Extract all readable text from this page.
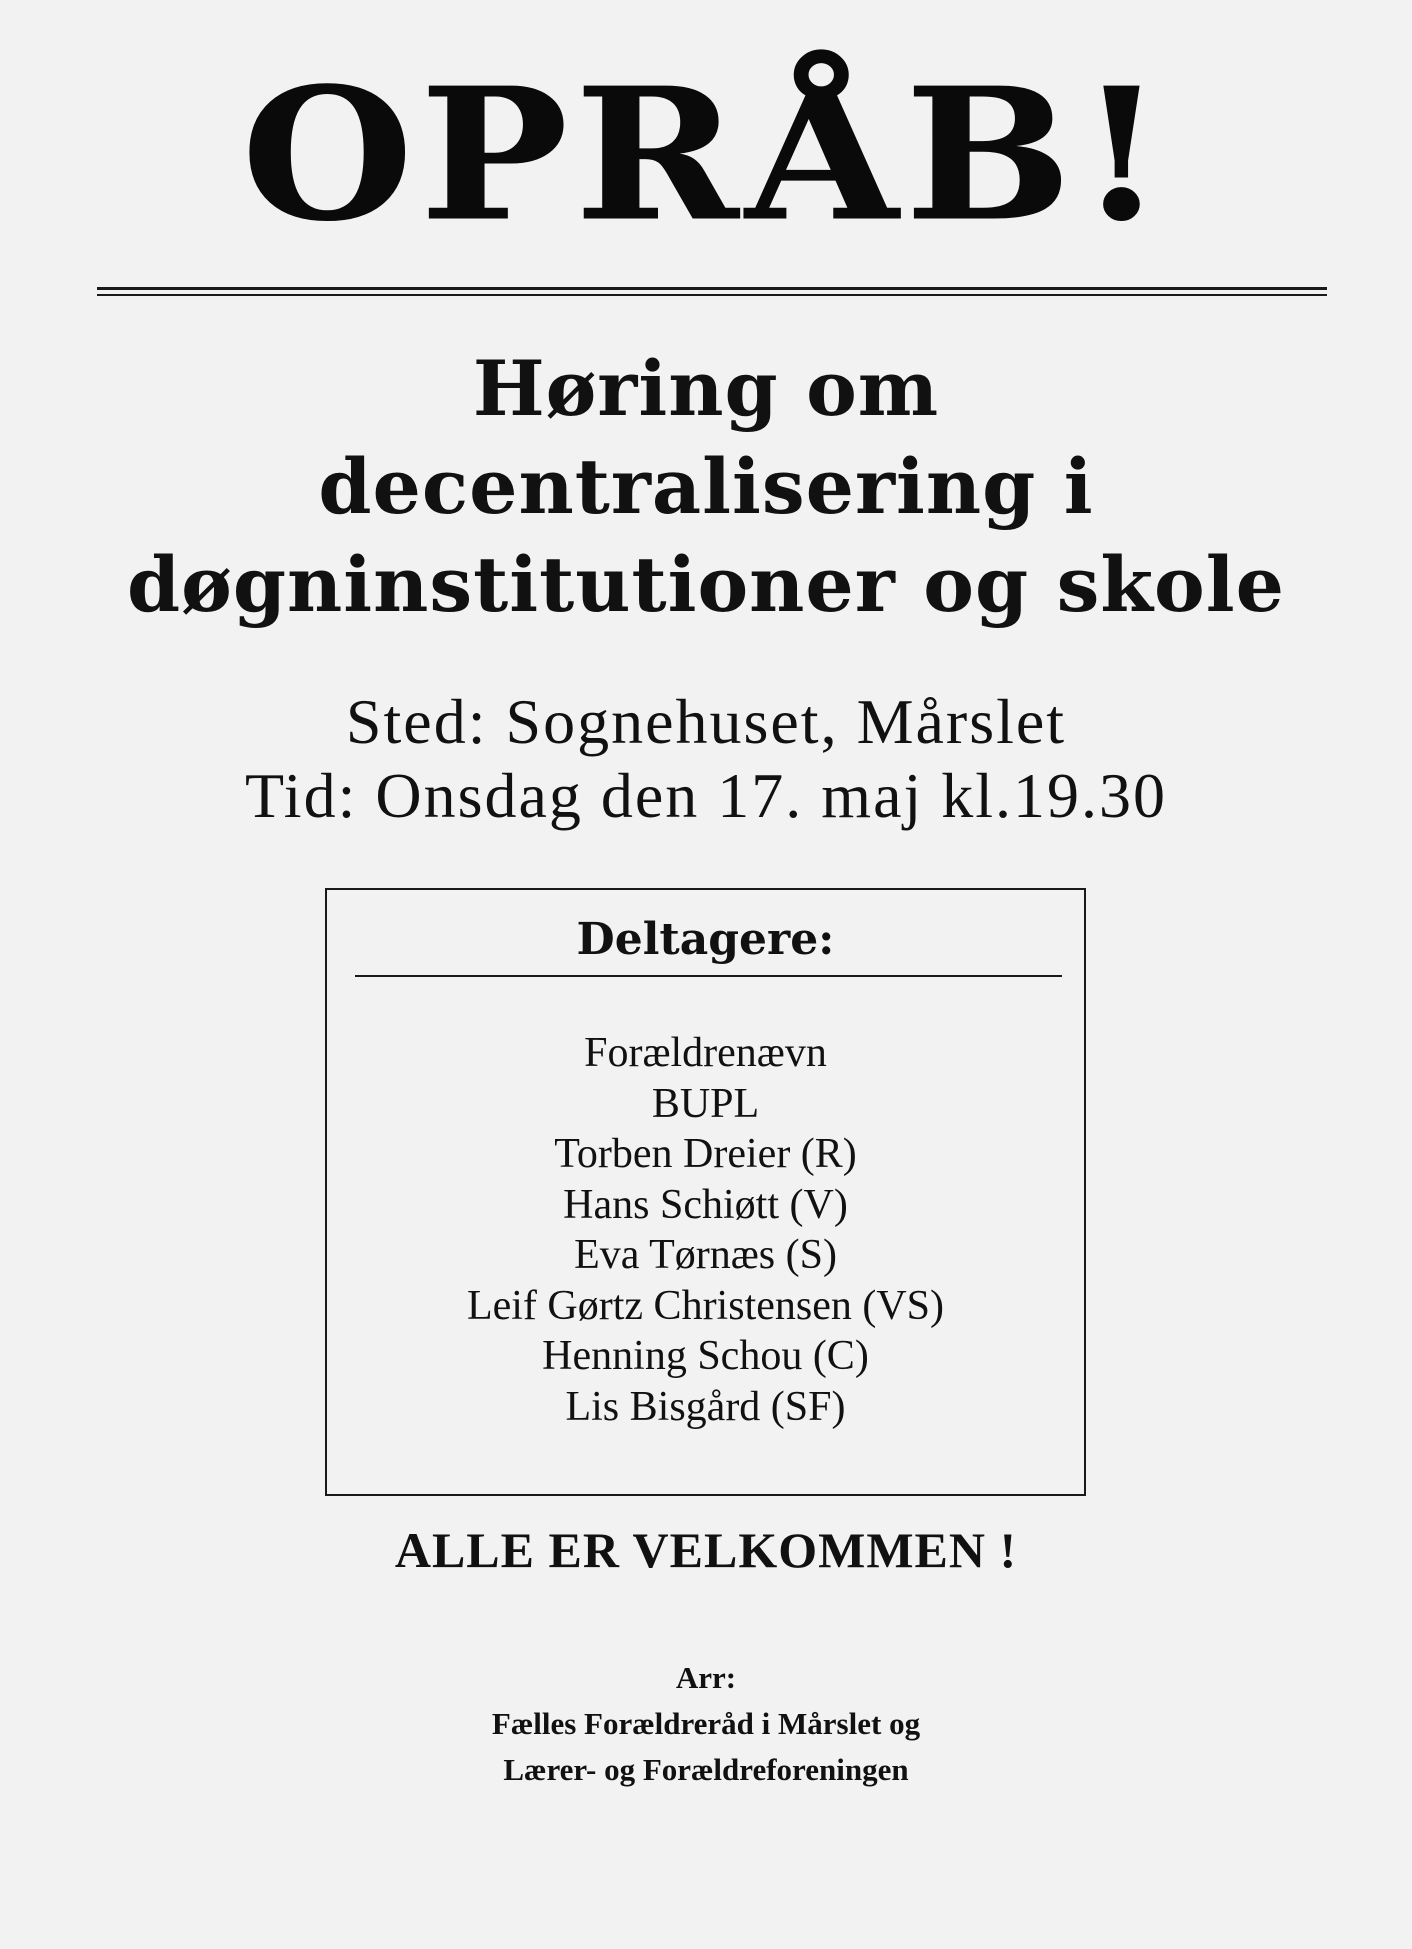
OPRÅB!
Høring om
decentralisering i
døgninstitutioner og skole
Sted: Sognehuset, Mårslet
Tid: Onsdag den 17. maj kl.19.30
Deltagere:
Forældrenævn
BUPL
Torben Dreier (R)
Hans Schiøtt (V)
Eva Tørnæs (S)
Leif Gørtz Christensen (VS)
Henning Schou (C)
Lis Bisgård (SF)
ALLE ER VELKOMMEN !
Arr:
Fælles Forældreråd i Mårslet og
Lærer- og Forældreforeningen
